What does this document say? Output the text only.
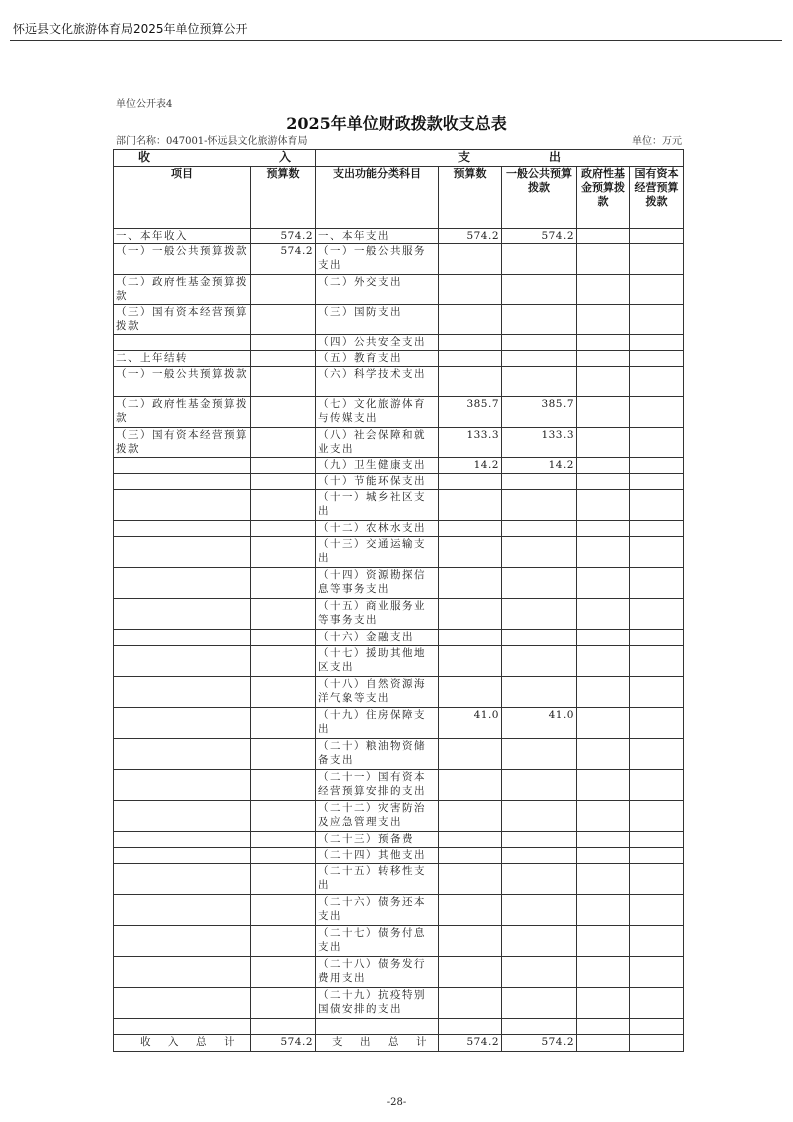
怀远县文化旅游体育局2025年单位预算公开
单位公开表4
2025年单位财政拨款收支总表
部门名称：047001-怀远县文化旅游体育局	单位：万元
收 入		支 出				

项目	预算数	支出功能分类科目	预算数	一般公共预算拨款	政府性基金预算拨款	国有资本经营预算拨款
一、本年收入	574.2	一、本年支出	574.2	574.2		
（一）一般公共预算拨款	574.2	（一）一般公共服务支出				
（二）政府性基金预算拨款		（二）外交支出				
（三）国有资本经营预算拨款		（三）国防支出				
		（四）公共安全支出				
二、上年结转		（五）教育支出				
（一）一般公共预算拨款		（六）科学技术支出				
（二）政府性基金预算拨款		（七）文化旅游体育与传媒支出	385.7	385.7		
（三）国有资本经营预算拨款		（八）社会保障和就业支出	133.3	133.3		
		（九）卫生健康支出	14.2	14.2		
		（十）节能环保支出				
		（十一）城乡社区支出				
		（十二）农林水支出				
		（十三）交通运输支出				
		（十四）资源勘探信息等事务支出				
		（十五）商业服务业等事务支出				
		（十六）金融支出				
		（十七）援助其他地区支出				
		（十八）自然资源海洋气象等支出				
		（十九）住房保障支出	41.0	41.0		
		（二十）粮油物资储备支出				
		（二十一）国有资本经营预算安排的支出				
		（二十二）灾害防治及应急管理支出				
		（二十三）预备费				
		（二十四）其他支出				
		（二十五）转移性支出				
		（二十六）债务还本支出				
		（二十七）债务付息支出				
		（二十八）债务发行费用支出				
		（二十九）抗疫特别国债安排的支出				

收 入 总 计	574.2	支 出 总 计	574.2	574.2		
-28-
